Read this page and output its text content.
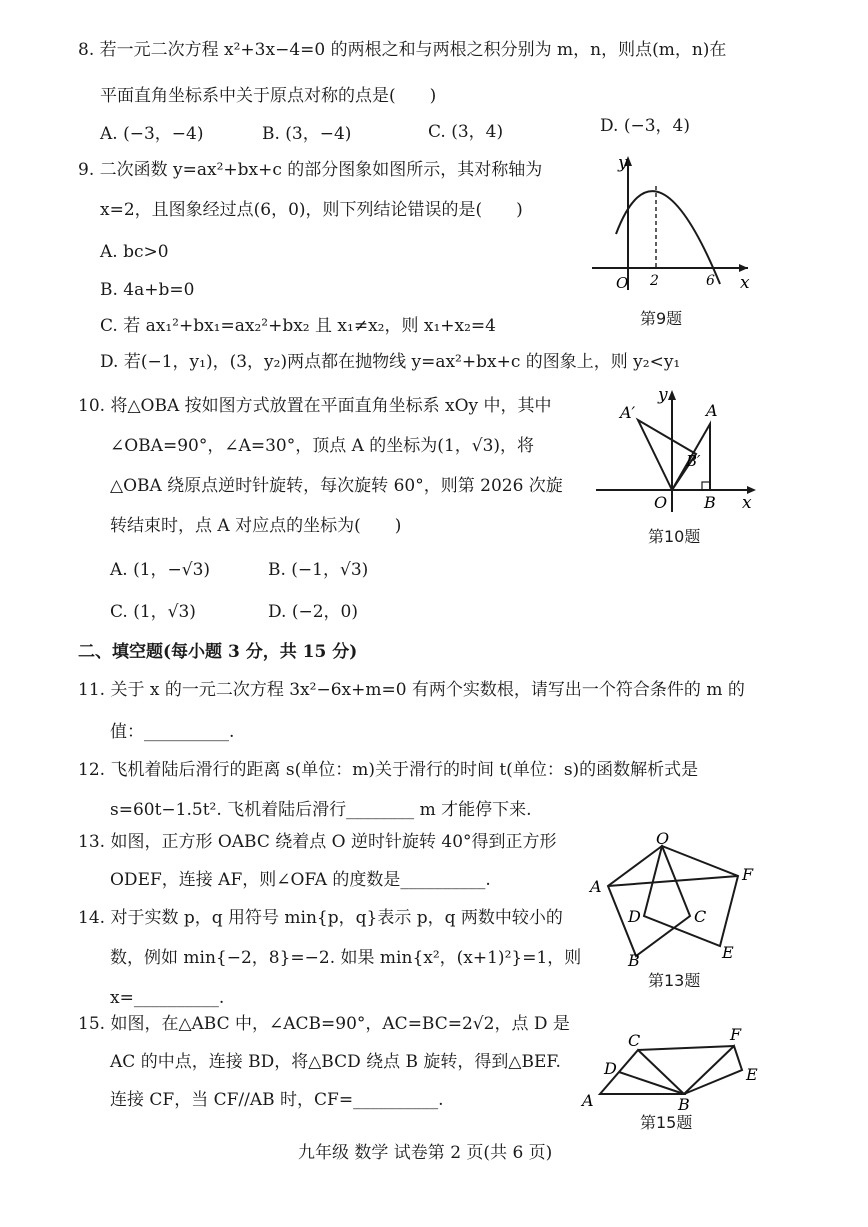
8. 若一元二次方程 x²+3x−4=0 的两根之和与两根之积分别为 m，n，则点(m，n)在
平面直角坐标系中关于原点对称的点是(　　)
A. (−3，−4)	B. (3，−4)	C. (3，4)	D. (−3，4)
9. 二次函数 y=ax²+bx+c 的部分图象如图所示，其对称轴为
x=2，且图象经过点(6，0)，则下列结论错误的是(　　)
A. bc>0
B. 4a+b=0
C. 若 ax₁²+bx₁=ax₂²+bx₂ 且 x₁≠x₂，则 x₁+x₂=4
D. 若(−1，y₁)，(3，y₂)两点都在抛物线 y=ax²+bx+c 的图象上，则 y₂<y₁
y
x
O 2	6
第9题
10. 将△OBA 按如图方式放置在平面直角坐标系 xOy 中，其中
∠OBA=90°，∠A=30°，顶点 A 的坐标为(1，√3)，将
△OBA 绕原点逆时针旋转，每次旋转 60°，则第 2026 次旋
转结束时，点 A 对应点的坐标为(　　)
A. (1，−√3)	B. (−1，√3)
C. (1，√3)	D. (−2，0)
y
x
O
A
A′
B
B′
第10题
二、填空题(每小题 3 分，共 15 分)
11. 关于 x 的一元二次方程 3x²−6x+m=0 有两个实数根，请写出一个符合条件的 m 的
值：__________.
12. 飞机着陆后滑行的距离 s(单位：m)关于滑行的时间 t(单位：s)的函数解析式是
s=60t−1.5t². 飞机着陆后滑行________ m 才能停下来.
13. 如图，正方形 OABC 绕着点 O 逆时针旋转 40°得到正方形
ODEF，连接 AF，则∠OFA 的度数是__________.
O
A
F
D	C
B	E
第13题
14. 对于实数 p，q 用符号 min{p，q}表示 p，q 两数中较小的
数，例如 min{−2，8}=−2. 如果 min{x²，(x+1)²}=1，则
x=__________.
15. 如图，在△ABC 中，∠ACB=90°，AC=BC=2√2，点 D 是
AC 的中点，连接 BD，将△BCD 绕点 B 旋转，得到△BEF.
连接 CF，当 CF//AB 时，CF=__________.
C	F
D	E
A	B
第15题
九年级 数学 试卷第 2 页(共 6 页)
